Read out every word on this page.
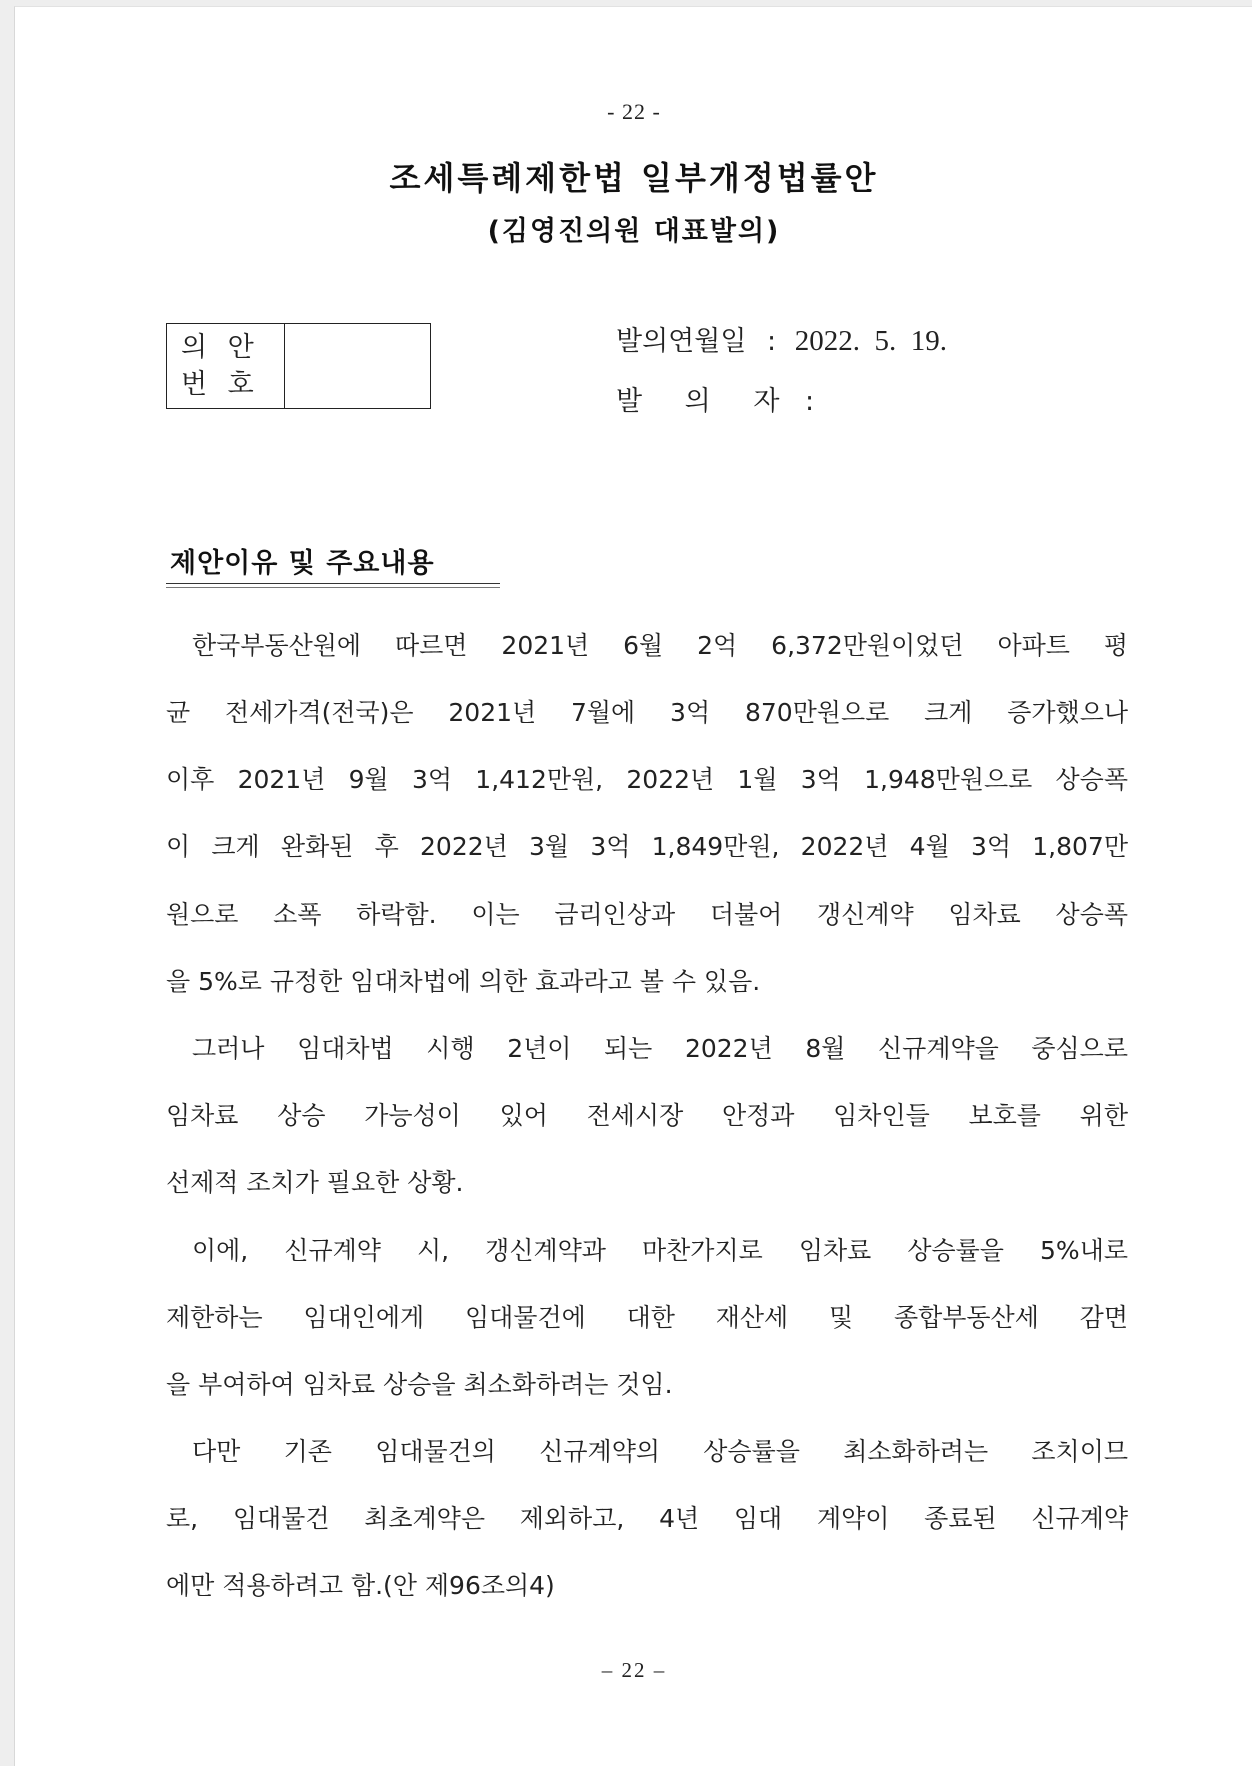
- 22 -
조세특례제한법 일부개정법률안
(김영진의원 대표발의)
의 안
번 호
발의연월일 : 2022.  5.  19.
발 의 자 :
제안이유 및 주요내용
한국부동산원에 따르면 2021년 6월 2억 6,372만원이었던 아파트 평
균 전세가격(전국)은 2021년 7월에 3억 870만원으로 크게 증가했으나
이후 2021년 9월 3억 1,412만원, 2022년 1월 3억 1,948만원으로 상승폭
이 크게 완화된 후 2022년 3월 3억 1,849만원, 2022년 4월 3억 1,807만
원으로 소폭 하락함. 이는 금리인상과 더불어 갱신계약 임차료 상승폭
을 5%로 규정한 임대차법에 의한 효과라고 볼 수 있음.
그러나 임대차법 시행 2년이 되는 2022년 8월 신규계약을 중심으로
임차료 상승 가능성이 있어 전세시장 안정과 임차인들 보호를 위한
선제적 조치가 필요한 상황.
이에, 신규계약 시, 갱신계약과 마찬가지로 임차료 상승률을 5%내로
제한하는 임대인에게 임대물건에 대한 재산세 및 종합부동산세 감면
을 부여하여 임차료 상승을 최소화하려는 것임.
다만 기존 임대물건의 신규계약의 상승률을 최소화하려는 조치이므
로, 임대물건 최초계약은 제외하고, 4년 임대 계약이 종료된 신규계약
에만 적용하려고 함.(안 제96조의4)
– 22 –
